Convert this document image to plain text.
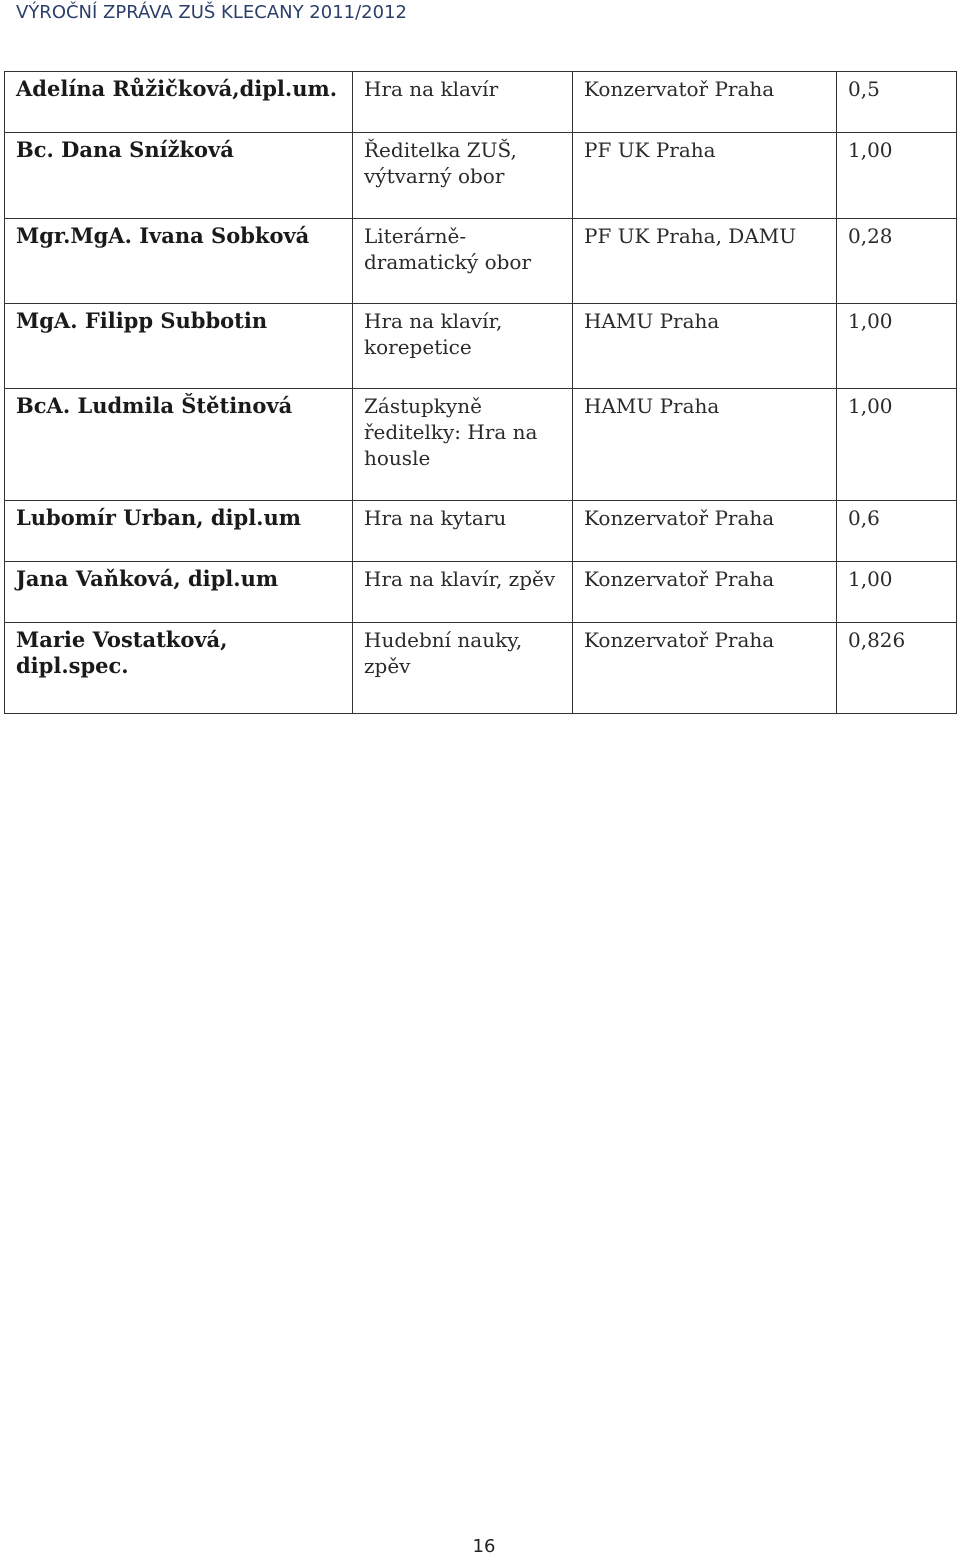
VÝROČNÍ ZPRÁVA ZUŠ KLECANY 2011/2012
Adelína Růžičková,dipl.um.	Hra na klavír	Konzervatoř Praha	0,5
Bc. Dana Snížková	Ředitelka ZUŠ, výtvarný obor	PF UK Praha	1,00
Mgr.MgA. Ivana Sobková	Literárně-dramatický obor	PF UK Praha, DAMU	0,28
MgA. Filipp Subbotin	Hra na klavír, korepetice	HAMU Praha	1,00
BcA. Ludmila Štětinová	Zástupkyně ředitelky: Hra na housle	HAMU Praha	1,00
Lubomír Urban, dipl.um	Hra na kytaru	Konzervatoř Praha	0,6
Jana Vaňková, dipl.um	Hra na klavír, zpěv	Konzervatoř Praha	1,00
Marie Vostatková, dipl.spec.	Hudební nauky, zpěv	Konzervatoř Praha	0,826
16
